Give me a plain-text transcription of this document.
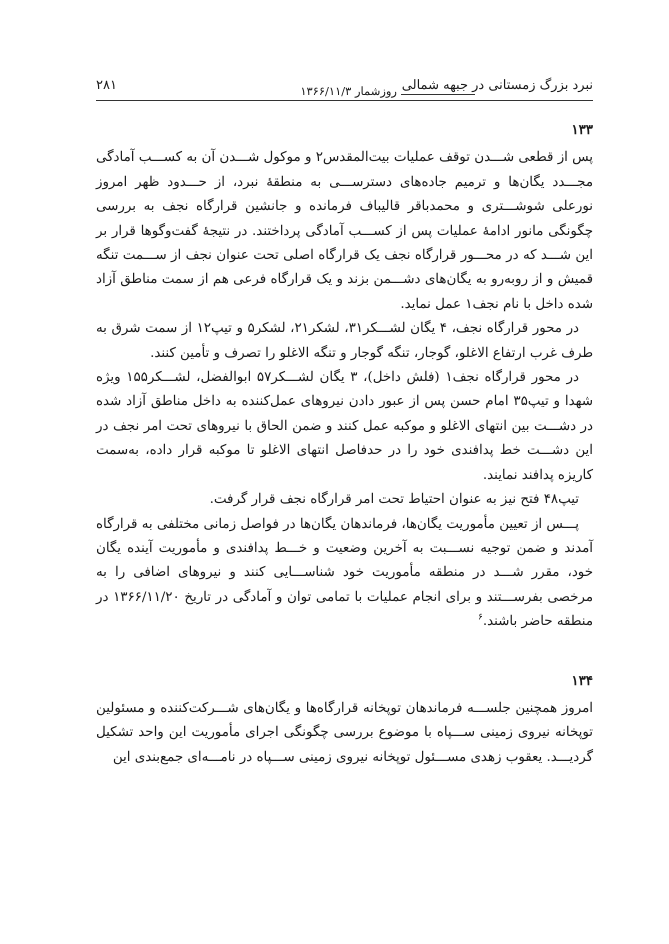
۲۸۱	نبرد بزرگ زمستانی در جبهه شمالی
روزشمار ۱۳۶۶/۱۱/۳
۱۳۳

پس از قطعی شـــدن توقف عملیات بیت‌المقدس۲ و موکول شـــدن آن به کســـب آمادگی مجـــدد یگان‌ها و ترمیم جاده‌های دسترســـی به منطقهٔ نبرد، از حـــدود ظهر امروز نورعلی شوشـــتری و محمدباقر قالیباف فرمانده و جانشین قرارگاه نجف به بررسی چگونگی مانور ادامهٔ عملیات پس از کســـب آمادگی پرداختند. در نتیجهٔ گفت‌وگوها قرار بر این شـــد که در محـــور قرارگاه نجف یک قرارگاه اصلی تحت عنوان نجف از ســـمت تنگه قمیش و از روبه‌رو به یگان‌های دشـــمن بزند و یک قرارگاه فرعی هم از سمت مناطق آزاد شده داخل با نام نجف۱ عمل نماید.

در محور قرارگاه نجف، ۴ یگان لشـــکر۳۱، لشکر۲۱، لشکر۵ و تیپ۱۲ از سمت شرق به طرف غرب ارتفاع الاغلو، گوجار، تنگه گوجار و تنگه الاغلو را تصرف و تأمین کنند.

در محور قرارگاه نجف۱ (فلش داخل)، ۳ یگان لشـــکر۵۷ ابوالفضل، لشـــکر۱۵۵ ویژه شهدا و تیپ۳۵ امام حسن پس از عبور دادن نیروهای عمل‌کننده به داخل مناطق آزاد شده در دشـــت بین انتهای الاغلو و موکبه عمل کنند و ضمن الحاق با نیروهای تحت امر نجف در این دشـــت خط پدافندی خود را در حدفاصل انتهای الاغلو تا موکبه قرار داده، به‌سمت کاریزه پدافند نمایند.

تیپ۴۸ فتح نیز به عنوان احتیاط تحت امر قرارگاه نجف قرار گرفت.

پـــس از تعیین مأموریت یگان‌ها، فرماندهان یگان‌ها در فواصل زمانی مختلفی به قرارگاه آمدند و ضمن توجیه نســـبت به آخرین وضعیت و خـــط پدافندی و مأموریت آینده یگان خود، مقرر شـــد در منطقه مأموریت خود شناســـایی کنند و نیروهای اضافی را به مرخصی بفرســـتند و برای انجام عملیات با تمامی توان و آمادگی در تاریخ ۱۳۶۶/۱۱/۲۰ در منطقه حاضر باشند.$^۶$

۱۳۴

امروز همچنین جلســـه فرماندهان توپخانه قرارگاه‌ها و یگان‌های شـــرکت‌کننده و مسئولین توپخانه نیروی زمینی ســـپاه با موضوع بررسی چگونگی اجرای مأموریت این واحد تشکیل گردیـــد. یعقوب زهدی مســـئول توپخانه نیروی زمینی ســـپاه در نامـــه‌ای جمع‌بندی این
